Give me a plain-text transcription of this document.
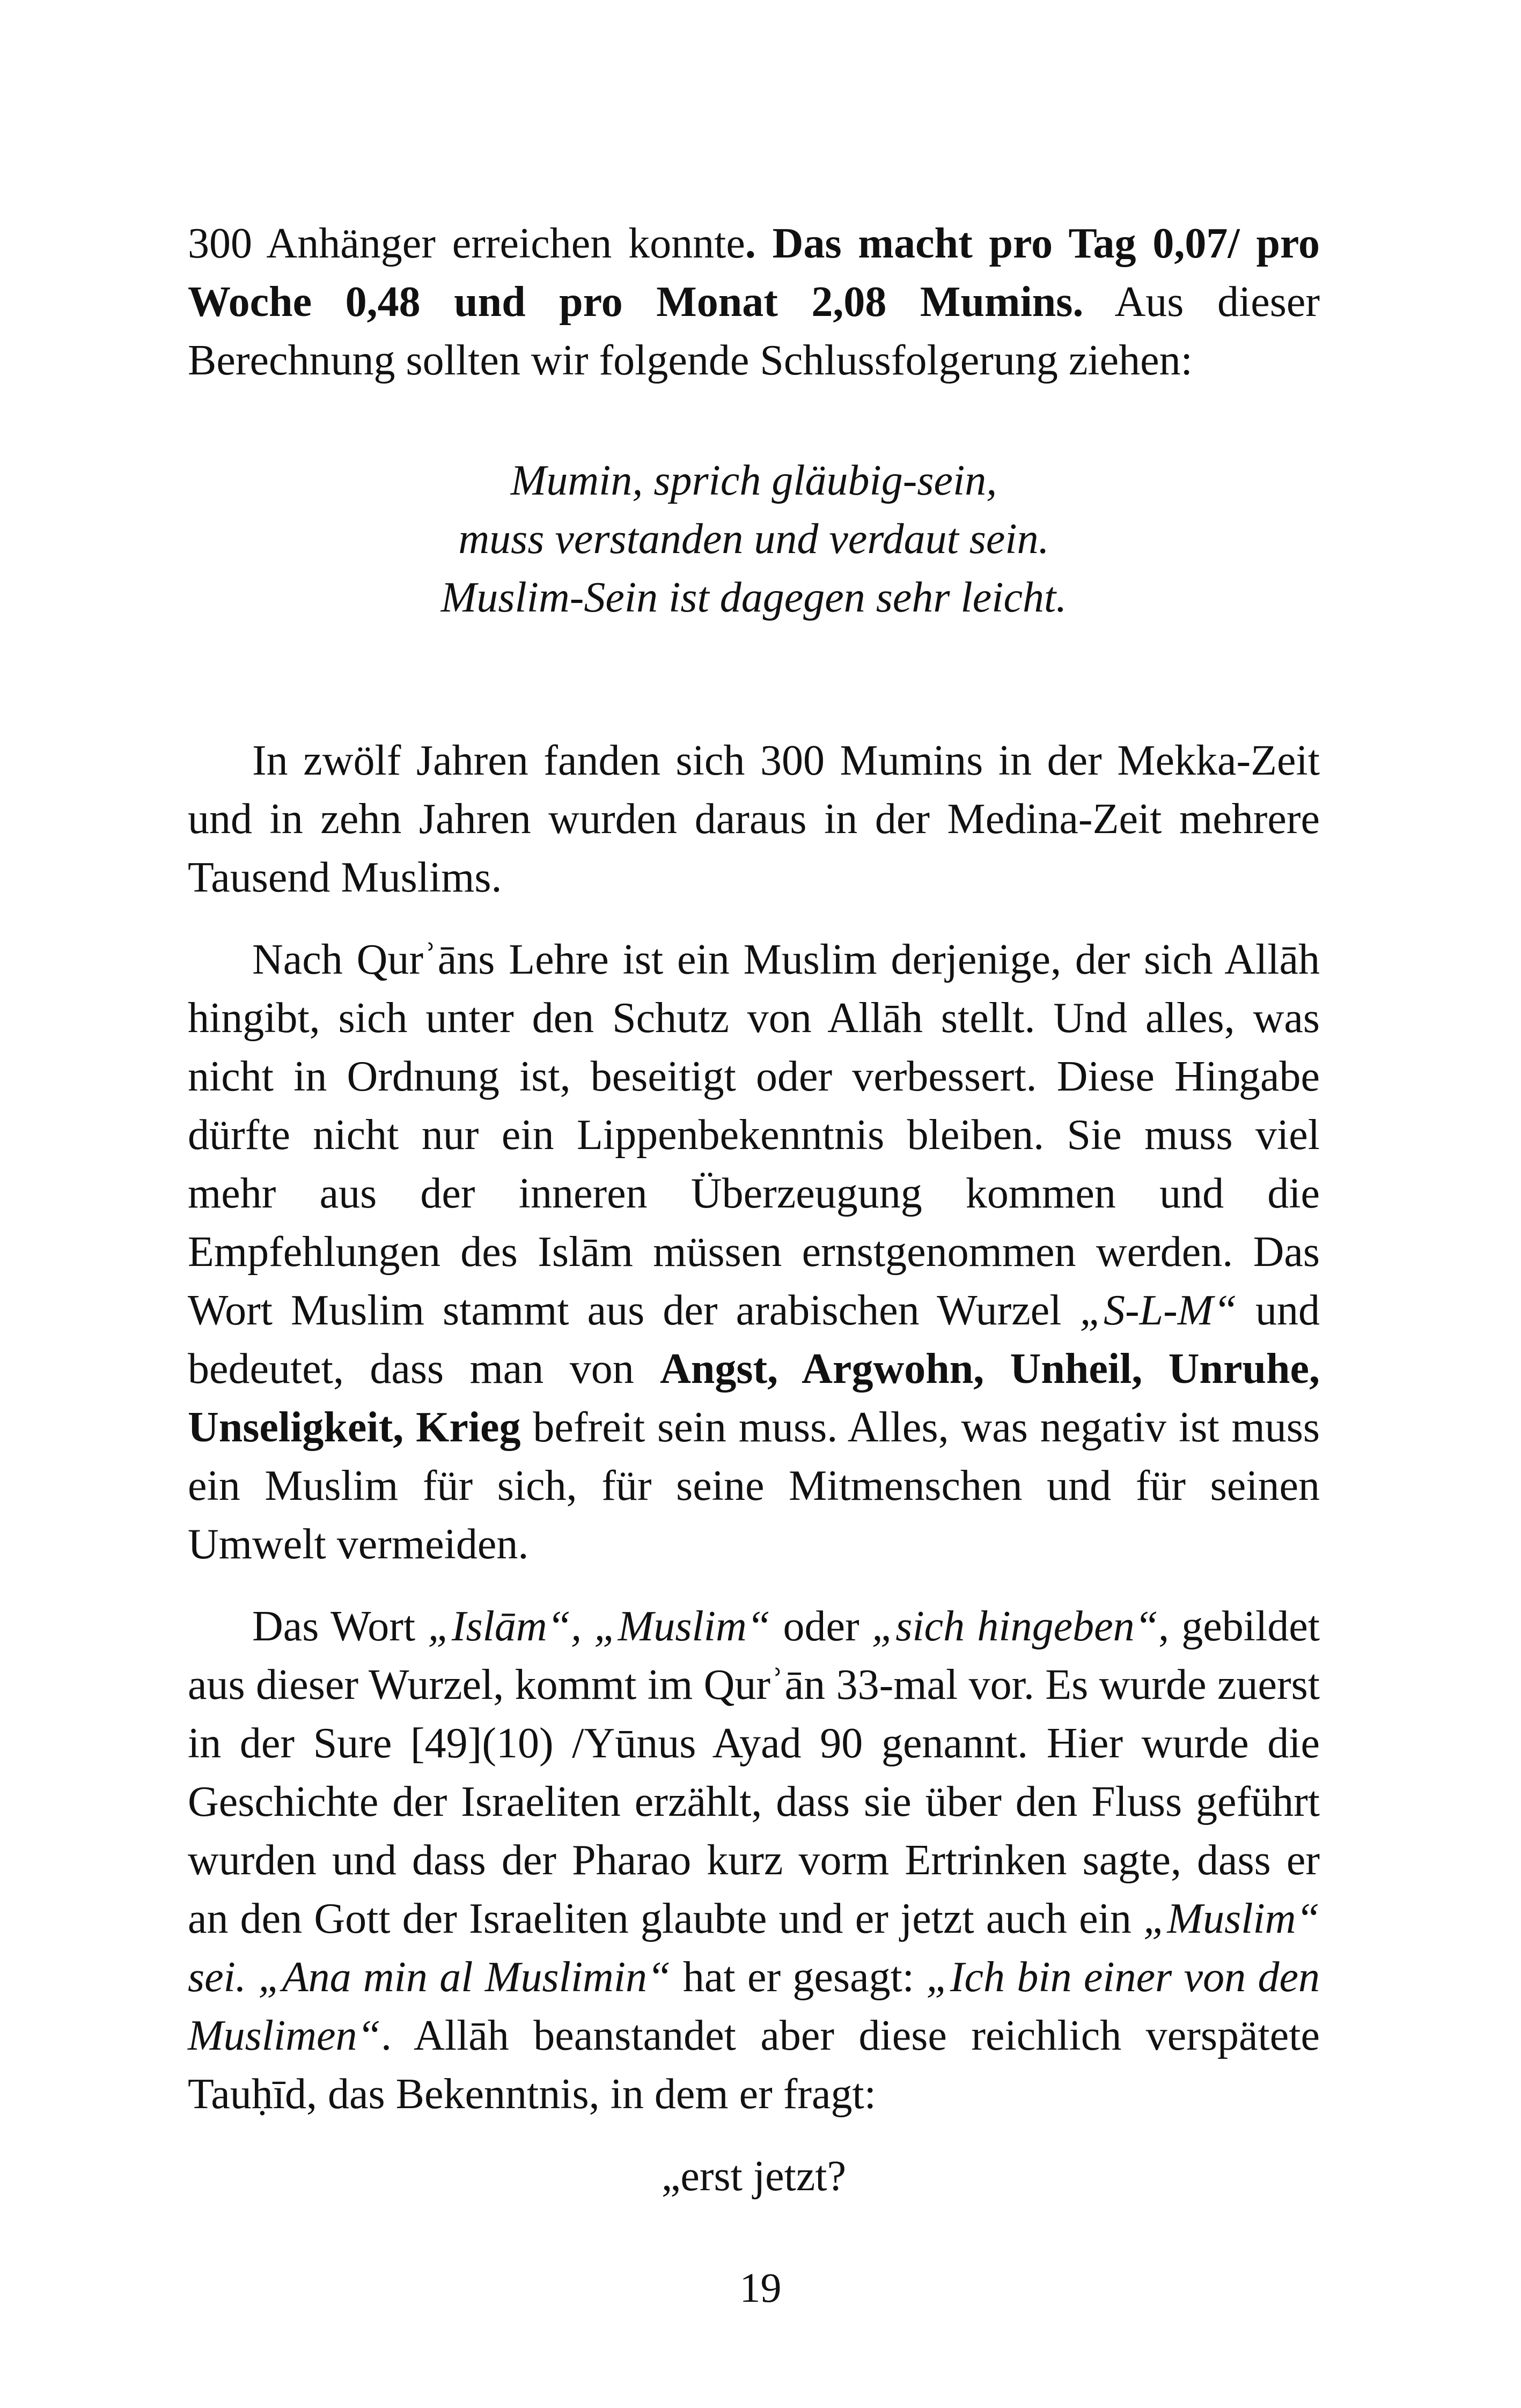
300 Anhänger erreichen konnte. Das macht pro Tag 0,07/ pro Woche 0,48 und pro Monat 2,08 Mumins. Aus dieser Berechnung sollten wir folgende Schlussfolgerung ziehen:

Mumin, sprich gläubig-sein,
muss verstanden und verdaut sein.
Muslim-Sein ist dagegen sehr leicht.

In zwölf Jahren fanden sich 300 Mumins in der Mekka-Zeit und in zehn Jahren wurden daraus in der Medina-Zeit mehrere Tausend Muslims.

Nach Qurʾāns Lehre ist ein Muslim derjenige, der sich Allāh hingibt, sich unter den Schutz von Allāh stellt. Und alles, was nicht in Ordnung ist, beseitigt oder verbessert. Diese Hingabe dürfte nicht nur ein Lippenbekenntnis bleiben. Sie muss viel mehr aus der inneren Überzeugung kommen und die Empfehlungen des Islām müssen ernstgenommen werden. Das Wort Muslim stammt aus der arabischen Wurzel „S-L-M“ und bedeutet, dass man von Angst, Argwohn, Unheil, Unruhe, Unseligkeit, Krieg befreit sein muss. Alles, was negativ ist muss ein Muslim für sich, für seine Mitmenschen und für seinen Umwelt vermeiden.

Das Wort „Islām“, „Muslim“ oder „sich hingeben“, gebildet aus dieser Wurzel, kommt im Qurʾān 33-mal vor. Es wurde zuerst in der Sure [49](10) /Yūnus Ayad 90 genannt. Hier wurde die Geschichte der Israeliten erzählt, dass sie über den Fluss geführt wurden und dass der Pharao kurz vorm Ertrinken sagte, dass er an den Gott der Israeliten glaubte und er jetzt auch ein „Muslim“ sei. „Ana min al Muslimin“ hat er gesagt: „Ich bin einer von den Muslimen“. Allāh beanstandet aber diese reichlich verspätete Tauḥīd, das Bekenntnis, in dem er fragt:

„erst jetzt?

19
